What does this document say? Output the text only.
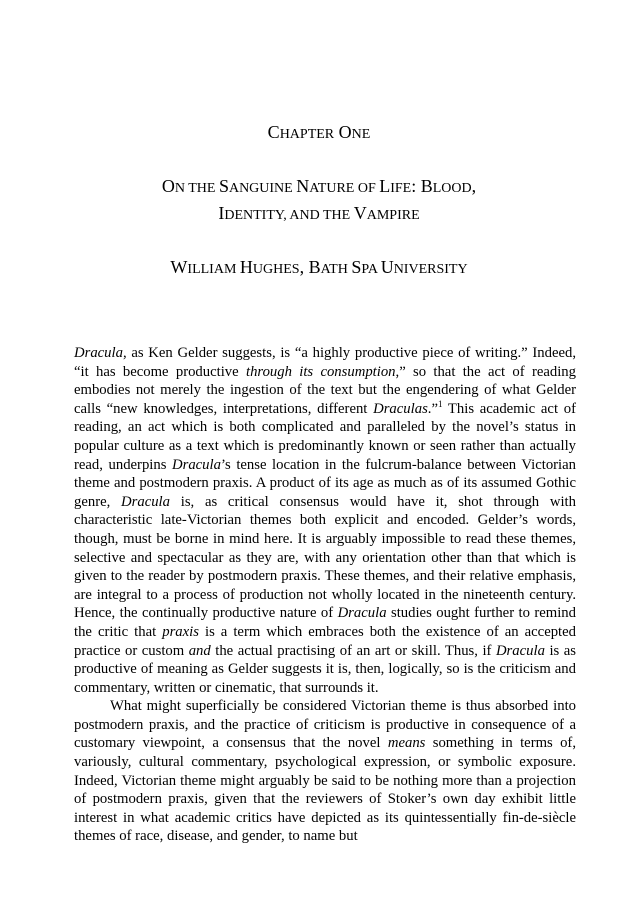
CHAPTER ONE
ON THE SANGUINE NATURE OF LIFE: BLOOD,
IDENTITY, AND THE VAMPIRE
WILLIAM HUGHES, BATH SPA UNIVERSITY

Dracula, as Ken Gelder suggests, is “a highly productive piece of writing.” Indeed, “it has become productive through its consumption,” so that the act of reading embodies not merely the ingestion of the text but the engendering of what Gelder calls “new knowledges, interpretations, different Draculas.”$^1$ This academic act of reading, an act which is both complicated and paralleled by the novel’s status in popular culture as a text which is predominantly known or seen rather than actually read, underpins Dracula’s tense location in the fulcrum-balance between Victorian theme and postmodern praxis. A product of its age as much as of its assumed Gothic genre, Dracula is, as critical consensus would have it, shot through with characteristic late-Victorian themes both explicit and encoded. Gelder’s words, though, must be borne in mind here. It is arguably impossible to read these themes, selective and spectacular as they are, with any orientation other than that which is given to the reader by postmodern praxis. These themes, and their relative emphasis, are integral to a process of production not wholly located in the nineteenth century. Hence, the continually productive nature of Dracula studies ought further to remind the critic that praxis is a term which embraces both the existence of an accepted practice or custom and the actual practising of an art or skill. Thus, if Dracula is as productive of meaning as Gelder suggests it is, then, logically, so is the criticism and commentary, written or cinematic, that surrounds it.

What might superficially be considered Victorian theme is thus absorbed into postmodern praxis, and the practice of criticism is productive in consequence of a customary viewpoint, a consensus that the novel means something in terms of, variously, cultural commentary, psychological expression, or symbolic exposure. Indeed, Victorian theme might arguably be said to be nothing more than a projection of postmodern praxis, given that the reviewers of Stoker’s own day exhibit little interest in what academic critics have depicted as its quintessentially fin-de-siècle themes of race, disease, and gender, to name but
